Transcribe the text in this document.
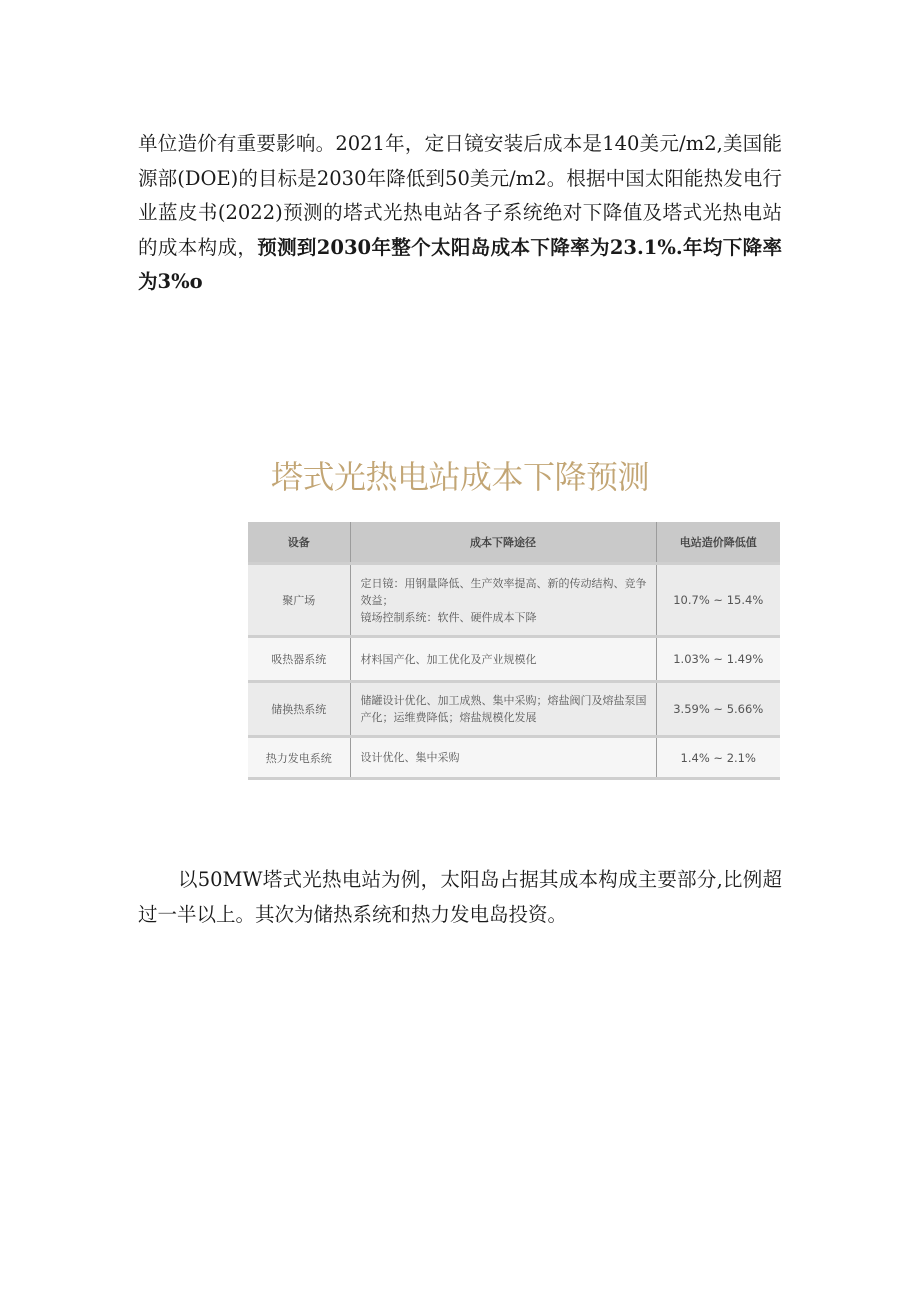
单位造价有重要影响。2021年，定日镜安装后成本是140美元/m2,美国能源部(DOE)的目标是2030年降低到50美元/m2。根据中国太阳能热发电行业蓝皮书(2022)预测的塔式光热电站各子系统绝对下降值及塔式光热电站的成本构成，预测到2030年整个太阳岛成本下降率为23.1%.年均下降率为3%o

塔式光热电站成本下降预测
设备	成本下降途径	电站造价降低值
聚广场	定日镜：用钢量降低、生产效率提高、新的传动结构、竞争效益；
镜场控制系统：软件、硬件成本下降	10.7% ~ 15.4%
吸热器系统	材料国产化、加工优化及产业规模化	1.03% ~ 1.49%
储换热系统	储罐设计优化、加工成熟、集中采购；熔盐阀门及熔盐泵国产化；运维费降低；熔盐规模化发展	3.59% ~ 5.66%
热力发电系统	设计优化、集中采购	1.4% ~ 2.1%

以50MW塔式光热电站为例，太阳岛占据其成本构成主要部分,比例超过一半以上。其次为储热系统和热力发电岛投资。
